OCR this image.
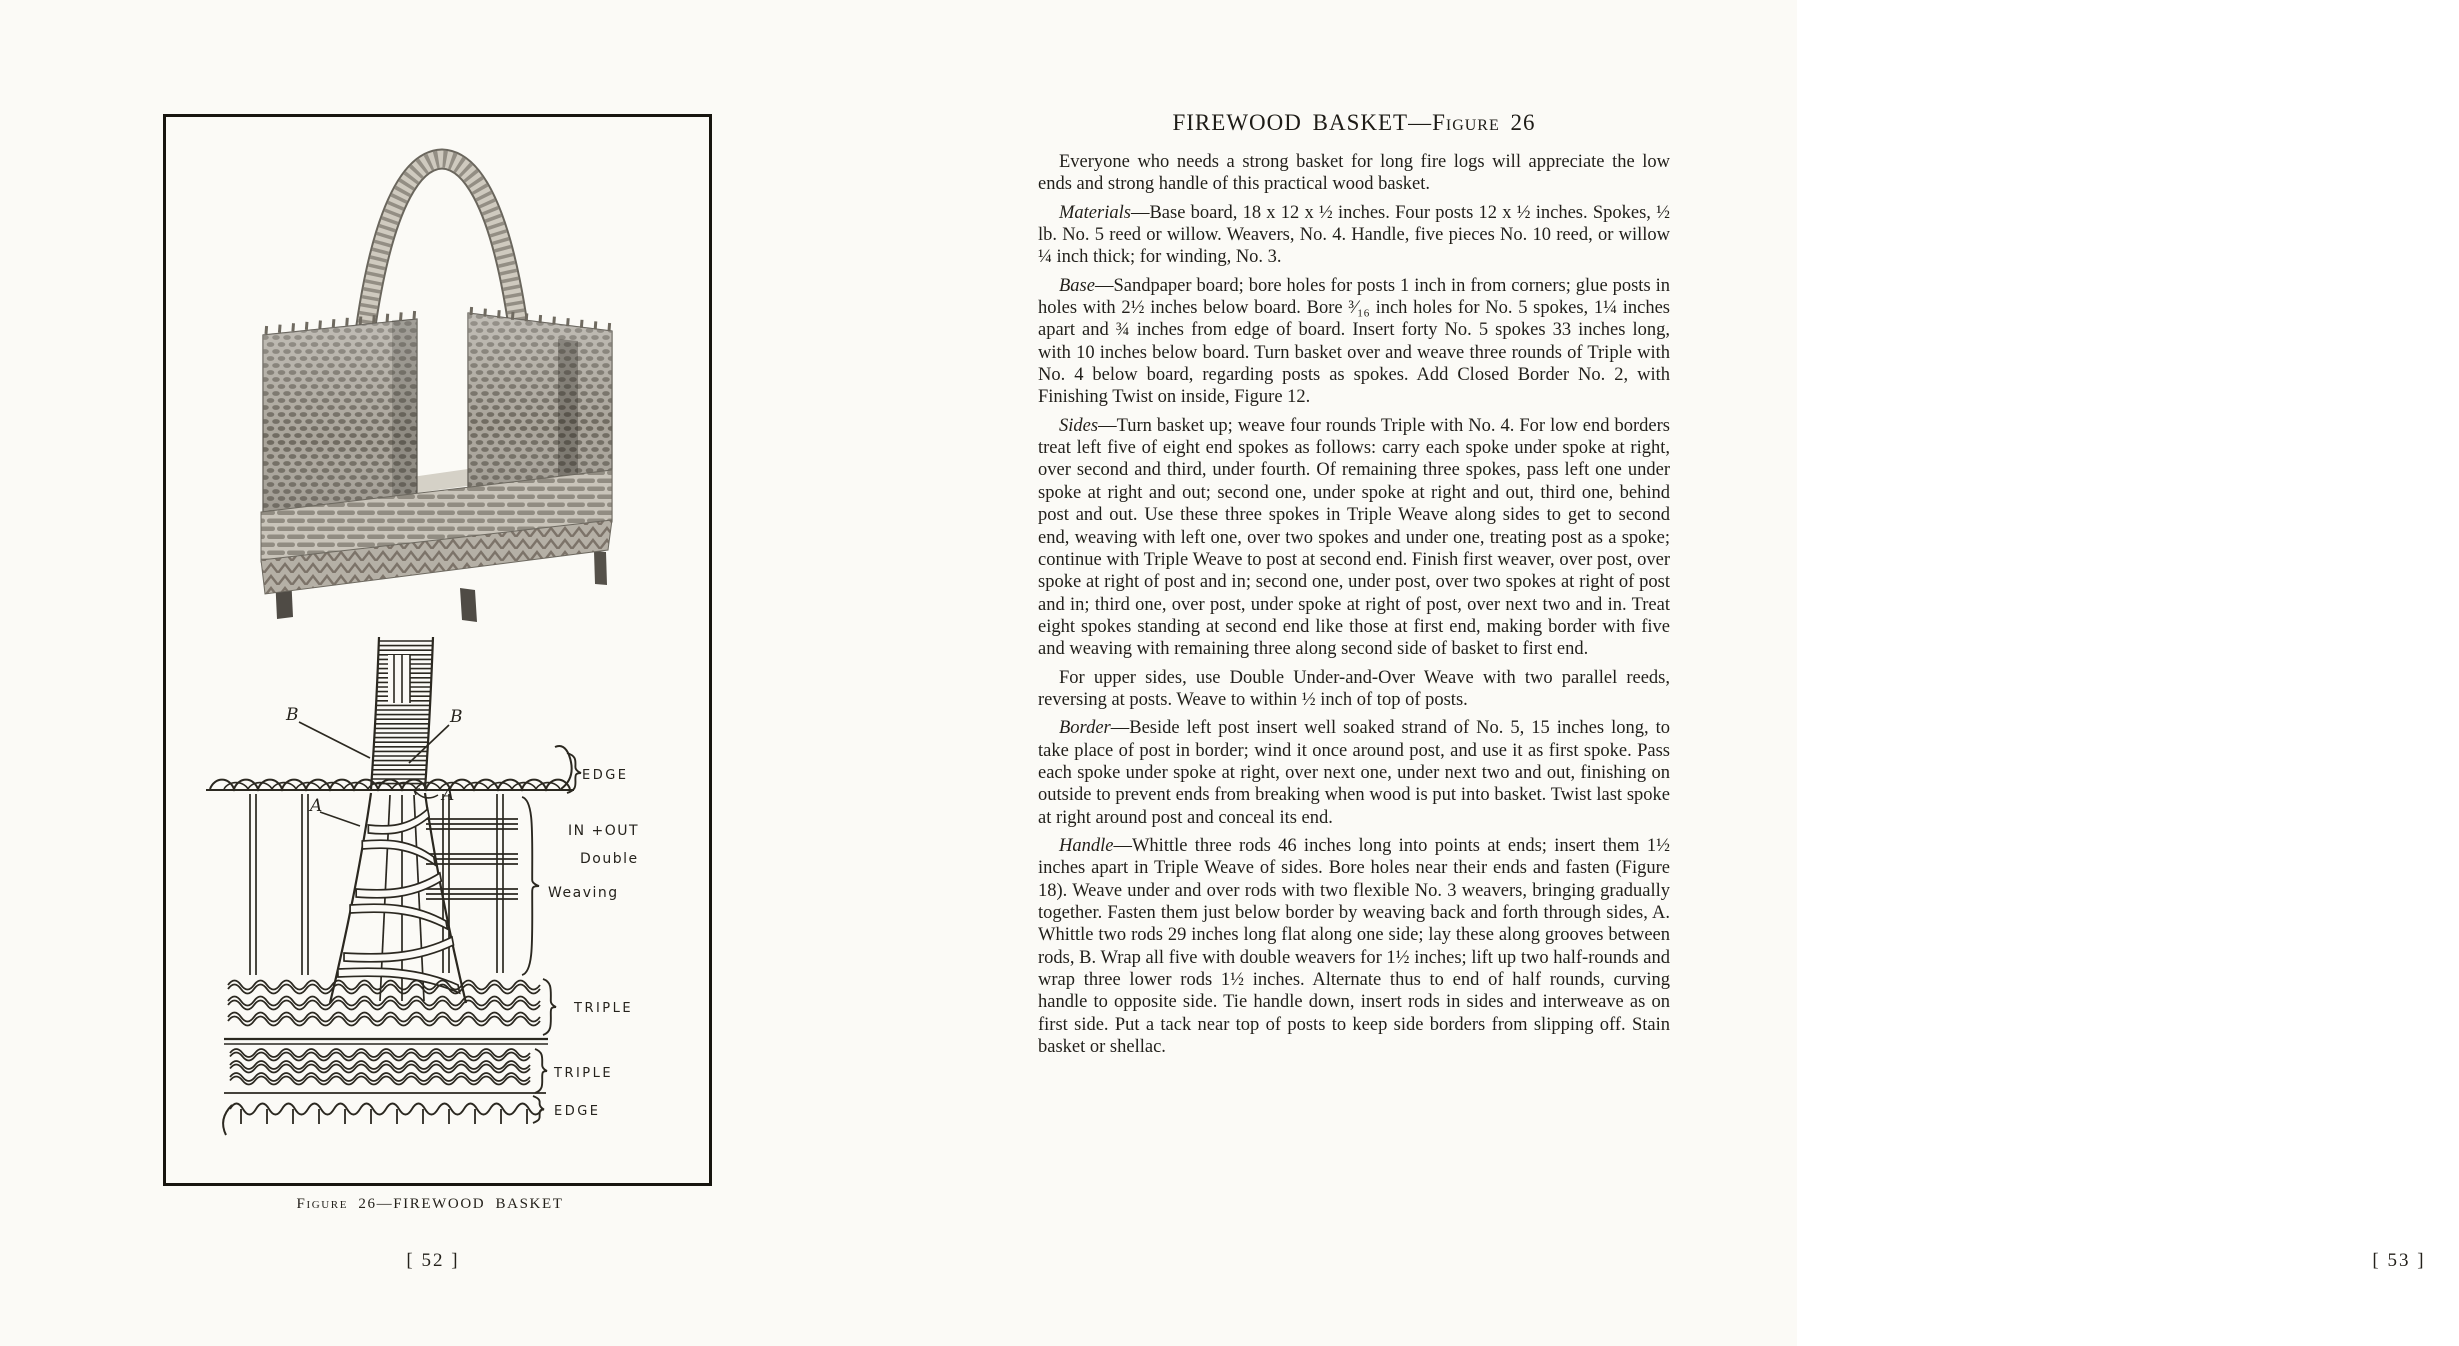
B	B
A
A
EDGE
IN +OUT
Double
Weaving
TRIPLE
TRIPLE
EDGE
Figure 26—FIREWOOD BASKET
[ 52 ]
FIREWOOD BASKET—Figure 26

Everyone who needs a strong basket for long fire logs will appreciate the low ends and strong handle of this practical wood basket.

Materials—Base board, 18 x 12 x ½ inches. Four posts 12 x ½ inches. Spokes, ½ lb. No. 5 reed or willow. Weavers, No. 4. Handle, five pieces No. 10 reed, or willow ¼ inch thick; for winding, No. 3.

Base—Sandpaper board; bore holes for posts 1 inch in from corners; glue posts in holes with 2½ inches below board. Bore ³⁄₁₆ inch holes for No. 5 spokes, 1¼ inches apart and ¾ inches from edge of board. Insert forty No. 5 spokes 33 inches long, with 10 inches below board. Turn basket over and weave three rounds of Triple with No. 4 below board, regarding posts as spokes. Add Closed Border No. 2, with Finishing Twist on inside, Figure 12.

Sides—Turn basket up; weave four rounds Triple with No. 4. For low end borders treat left five of eight end spokes as follows: carry each spoke under spoke at right, over second and third, under fourth. Of remaining three spokes, pass left one under spoke at right and out; second one, under spoke at right and out, third one, behind post and out. Use these three spokes in Triple Weave along sides to get to second end, weaving with left one, over two spokes and under one, treating post as a spoke; continue with Triple Weave to post at second end. Finish first weaver, over post, over spoke at right of post and in; second one, under post, over two spokes at right of post and in; third one, over post, under spoke at right of post, over next two and in. Treat eight spokes standing at second end like those at first end, making border with five and weaving with remaining three along second side of basket to first end.

For upper sides, use Double Under-and-Over Weave with two parallel reeds, reversing at posts. Weave to within ½ inch of top of posts.

Border—Beside left post insert well soaked strand of No. 5, 15 inches long, to take place of post in border; wind it once around post, and use it as first spoke. Pass each spoke under spoke at right, over next one, under next two and out, finishing on outside to prevent ends from breaking when wood is put into basket. Twist last spoke at right around post and conceal its end.

Handle—Whittle three rods 46 inches long into points at ends; insert them 1½ inches apart in Triple Weave of sides. Bore holes near their ends and fasten (Figure 18). Weave under and over rods with two flexible No. 3 weavers, bringing gradually together. Fasten them just below border by weaving back and forth through sides, A. Whittle two rods 29 inches long flat along one side; lay these along grooves between rods, B. Wrap all five with double weavers for 1½ inches; lift up two half-rounds and wrap three lower rods 1½ inches. Alternate thus to end of half rounds, curving handle to opposite side. Tie handle down, insert rods in sides and interweave as on first side. Put a tack near top of posts to keep side borders from slipping off. Stain basket or shellac.

[ 53 ]
